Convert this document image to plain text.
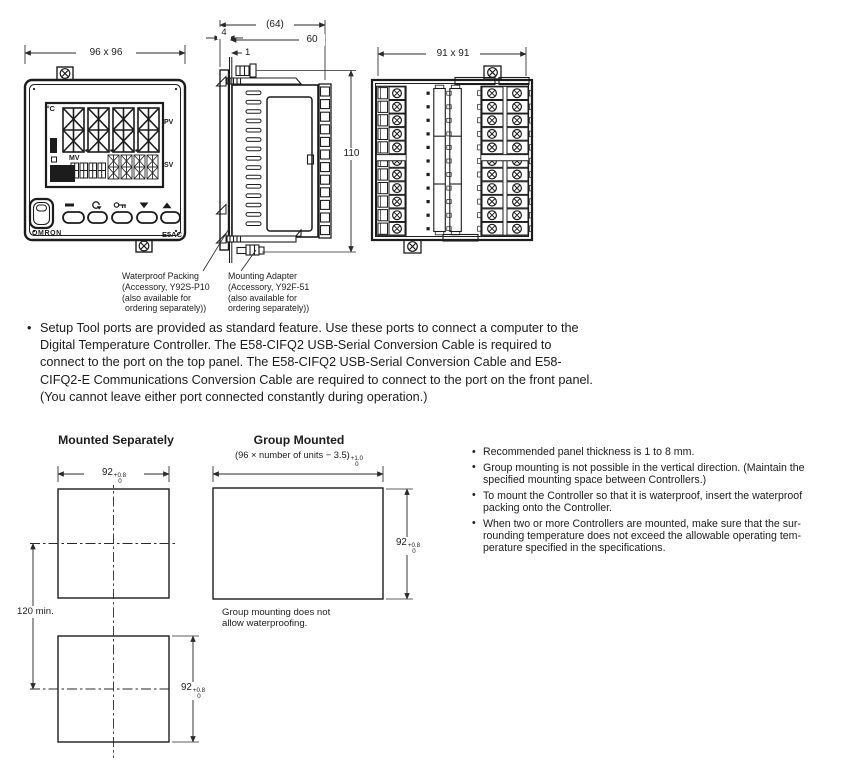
96 x 96
°C
PV
SV
MV
OMRON	E5AC
(64)
60
4
1
110
91 x 91
Waterproof Packing
(Accessory, Y92S-P10
(also available for
ordering separately))
Mounting Adapter
(Accessory, Y92F-51
(also available for
ordering separately))
• Setup Tool ports are provided as standard feature. Use these ports to connect a computer to the
Digital Temperature Controller. The E58-CIFQ2 USB-Serial Conversion Cable is required to
connect to the port on the top panel. The E58-CIFQ2 USB-Serial Conversion Cable and E58-
CIFQ2-E Communications Conversion Cable are required to connect to the port on the front panel.
(You cannot leave either port connected constantly during operation.)
Mounted Separately	Group Mounted
(96 × number of units − 3.5) +1.0
0
92 +0.8
0
120 min.
92 +0.8
0
92 +0.8
0
Group mounting does not
allow waterproofing.
• Recommended panel thickness is 1 to 8 mm.
• Group mounting is not possible in the vertical direction. (Maintain the
specified mounting space between Controllers.)
• To mount the Controller so that it is waterproof, insert the waterproof
packing onto the Controller.
• When two or more Controllers are mounted, make sure that the sur-
rounding temperature does not exceed the allowable operating tem-
perature specified in the specifications.
